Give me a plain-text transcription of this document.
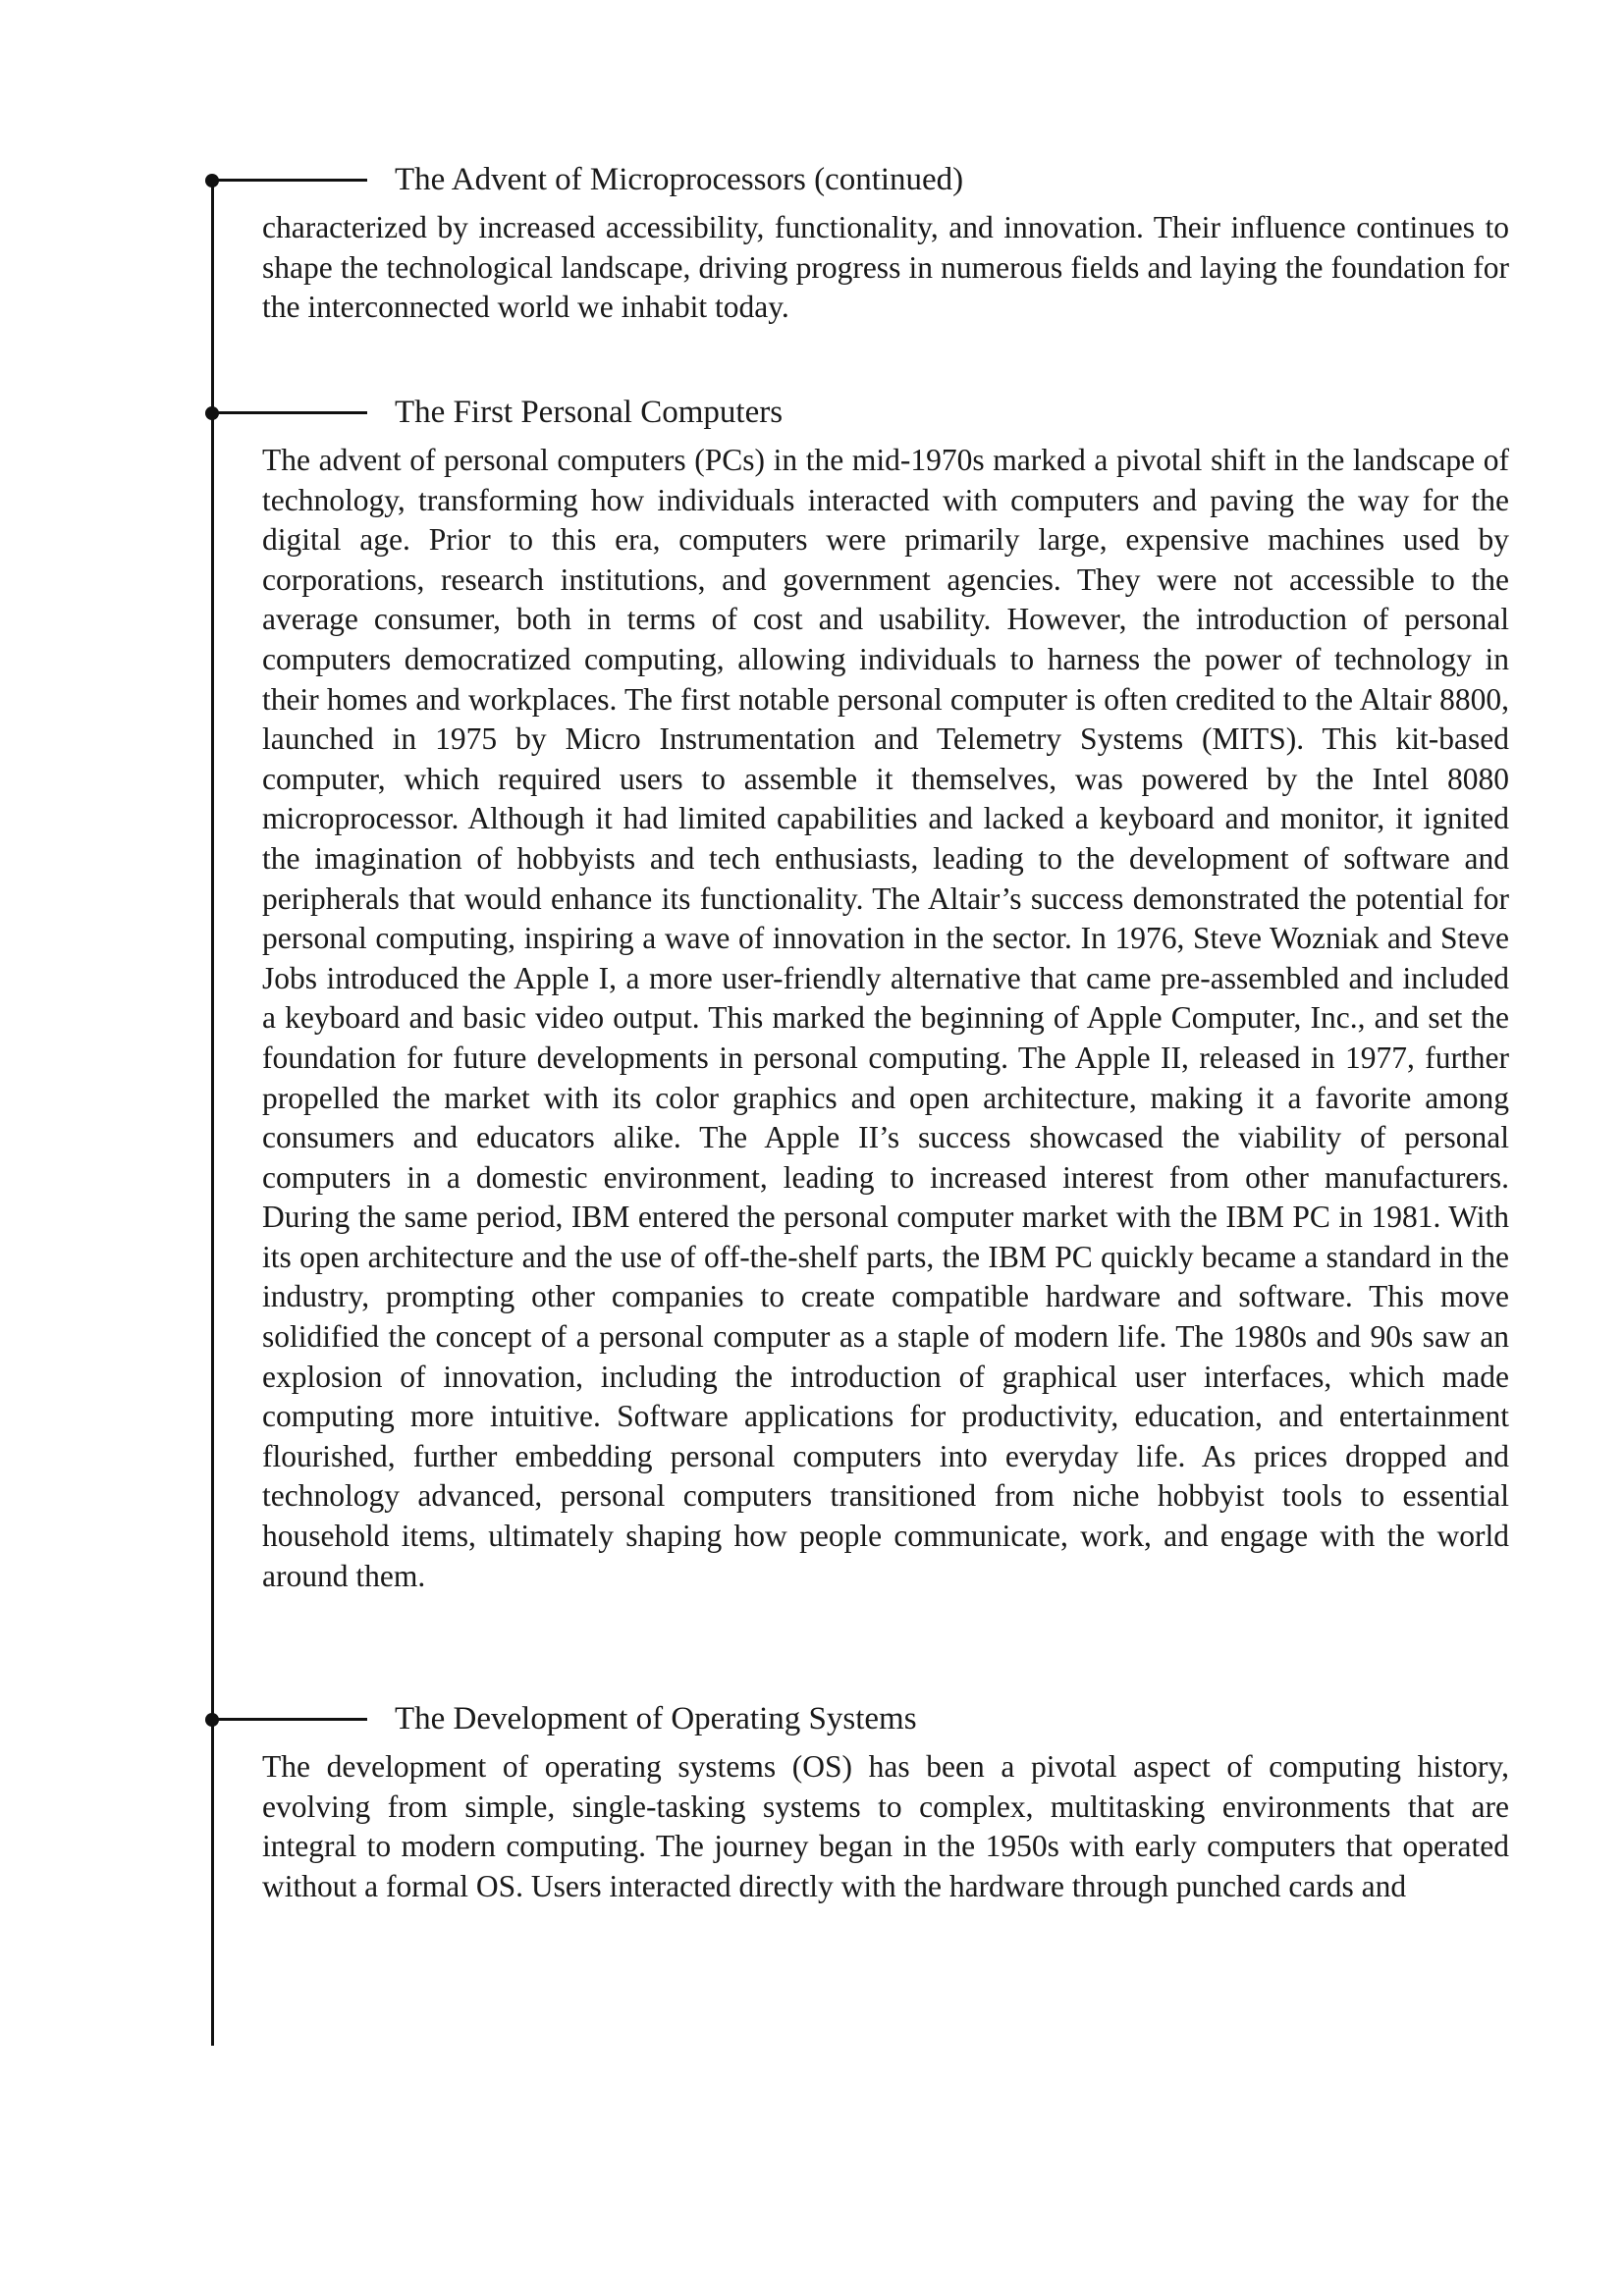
The Advent of Microprocessors (continued)

characterized by increased accessibility, functionality, and innovation. Their influence continues to shape the technological landscape, driving progress in numerous fields and laying the foundation for the interconnected world we inhabit today.

The First Personal Computers

The advent of personal computers (PCs) in the mid-1970s marked a pivotal shift in the landscape of technology, transforming how individuals interacted with computers and paving the way for the digital age. Prior to this era, computers were primarily large, expensive machines used by corporations, research institutions, and government agencies. They were not accessible to the average consumer, both in terms of cost and usability. However, the introduction of personal computers democratized computing, allowing individuals to harness the power of technology in their homes and workplaces. The first notable personal computer is often credited to the Altair 8800, launched in 1975 by Micro Instrumentation and Telemetry Systems (MITS). This kit-based computer, which required users to assemble it themselves, was powered by the Intel 8080 microprocessor. Although it had limited capabilities and lacked a keyboard and monitor, it ignited the imagination of hobbyists and tech enthusiasts, leading to the development of software and peripherals that would enhance its functionality. The Altair’s success demonstrated the potential for personal computing, inspiring a wave of innovation in the sector. In 1976, Steve Wozniak and Steve Jobs introduced the Apple I, a more user-friendly alternative that came pre-assembled and included a keyboard and basic video output. This marked the beginning of Apple Computer, Inc., and set the foundation for future developments in personal computing. The Apple II, released in 1977, further propelled the market with its color graphics and open architecture, making it a favorite among consumers and educators alike. The Apple II’s success showcased the viability of personal computers in a domestic environment, leading to increased interest from other manufacturers. During the same period, IBM entered the personal computer market with the IBM PC in 1981. With its open architecture and the use of off-the-shelf parts, the IBM PC quickly became a standard in the industry, prompting other companies to create compatible hardware and software. This move solidified the concept of a personal computer as a staple of modern life. The 1980s and 90s saw an explosion of innovation, including the introduction of graphical user interfaces, which made computing more intuitive. Software applications for productivity, education, and entertainment flourished, further embedding personal computers into everyday life. As prices dropped and technology advanced, personal computers transitioned from niche hobbyist tools to essential household items, ultimately shaping how people communicate, work, and engage with the world around them.

The Development of Operating Systems

The development of operating systems (OS) has been a pivotal aspect of computing history, evolving from simple, single-tasking systems to complex, multitasking environments that are integral to modern computing. The journey began in the 1950s with early computers that operated without a formal OS. Users interacted directly with the hardware through punched cards and
